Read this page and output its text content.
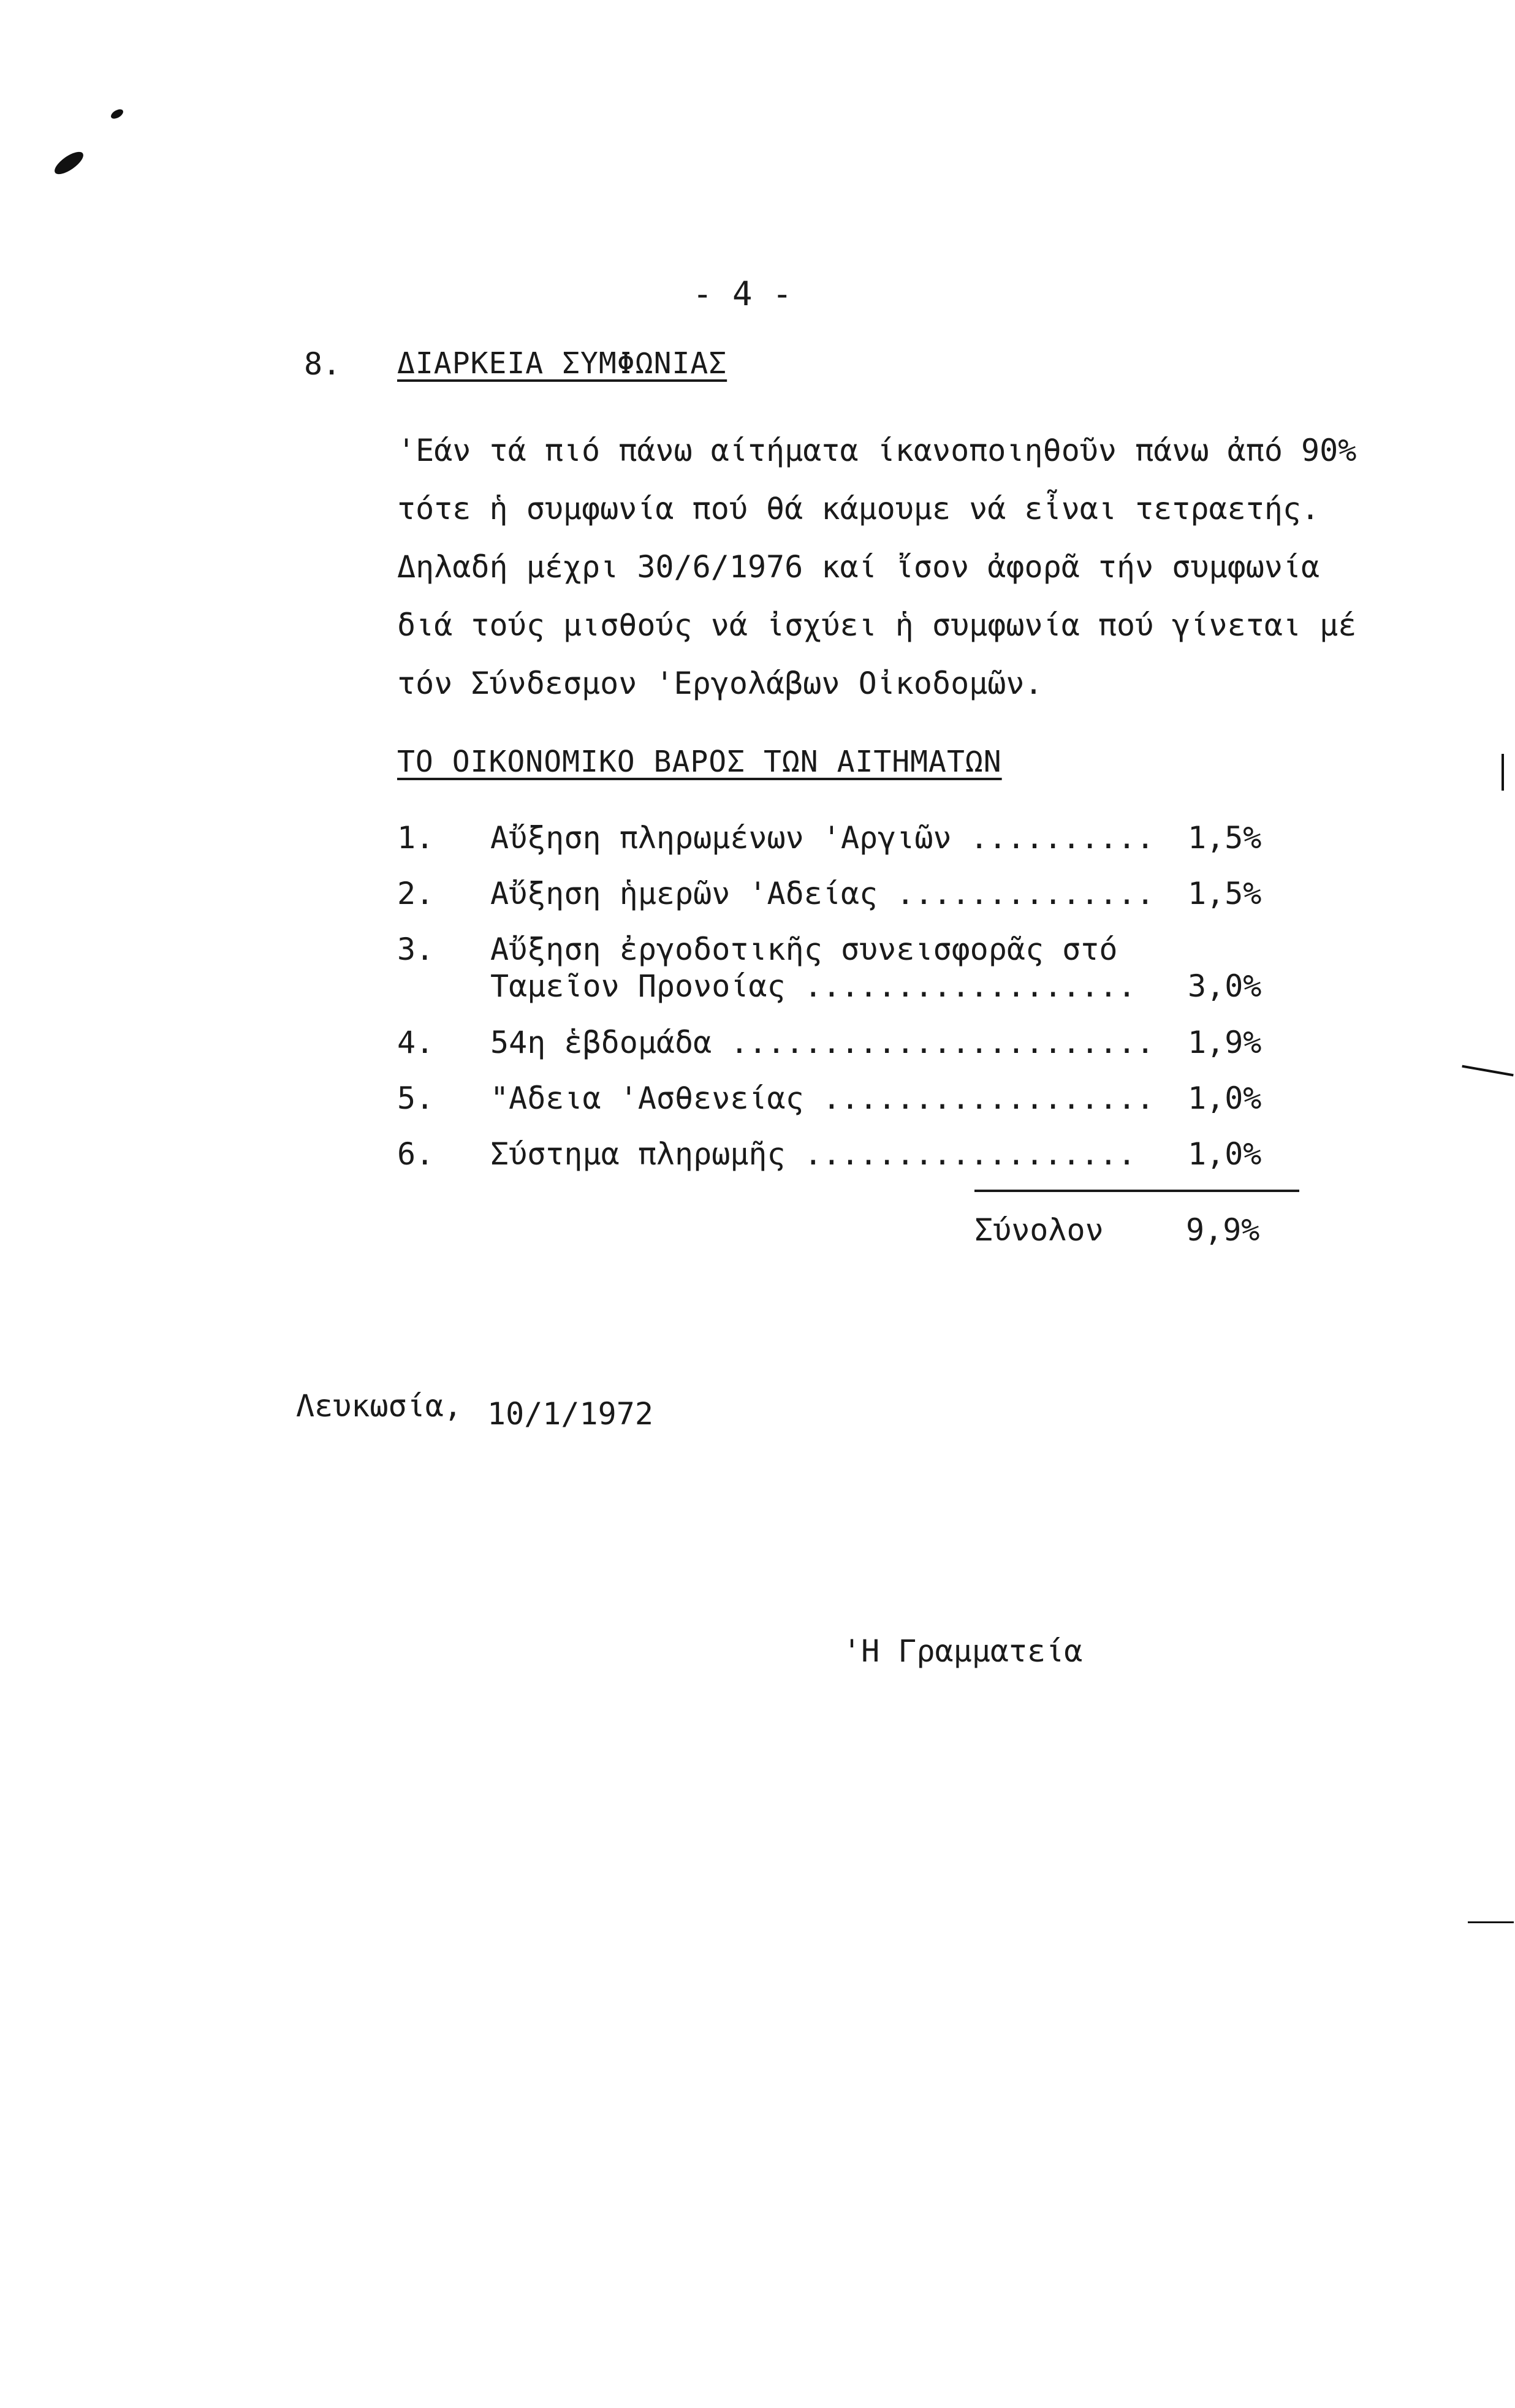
- 4 -
8. ΔΙΑΡΚΕΙΑ ΣΥΜΦΩΝΙΑΣ
'Εάν τά πιό πάνω αίτήματα ίκανοποιηθοῦν πάνω ἀπό 90%
τότε ἡ συμφωνία πού θά κάμουμε νά εἶναι τετραετής.
Δηλαδή μέχρι 30/6/1976 καί ἴσον ἀφορᾶ τήν συμφωνία
διά τούς μισθούς νά ἰσχύει ἡ συμφωνία πού γίνεται μέ
τόν Σύνδεσμον 'Εργολάβων Οἰκοδομῶν.
ΤΟ ΟΙΚΟΝΟΜΙΚΟ ΒΑΡΟΣ ΤΩΝ ΑΙΤΗΜΑΤΩΝ

1.

Αὔξηση πληρωμένων 'Αργιῶν ..........

1,5%

2.

Αὔξηση ἡμερῶν 'Αδείας ..............

1,5%

3.

Αὔξηση ἐργοδοτικῆς συνεισφορᾶς στό

Ταμεῖον Προνοίας ..................

3,0%

4.

54η ἑβδομάδα .......................

1,9%

5.

"Αδεια 'Ασθενείας ..................

1,0%

6.

Σύστημα πληρωμῆς ..................

1,0%

Σύνολον	9,9%
Λευκωσία, 10/1/1972
'Η Γραμματεία
